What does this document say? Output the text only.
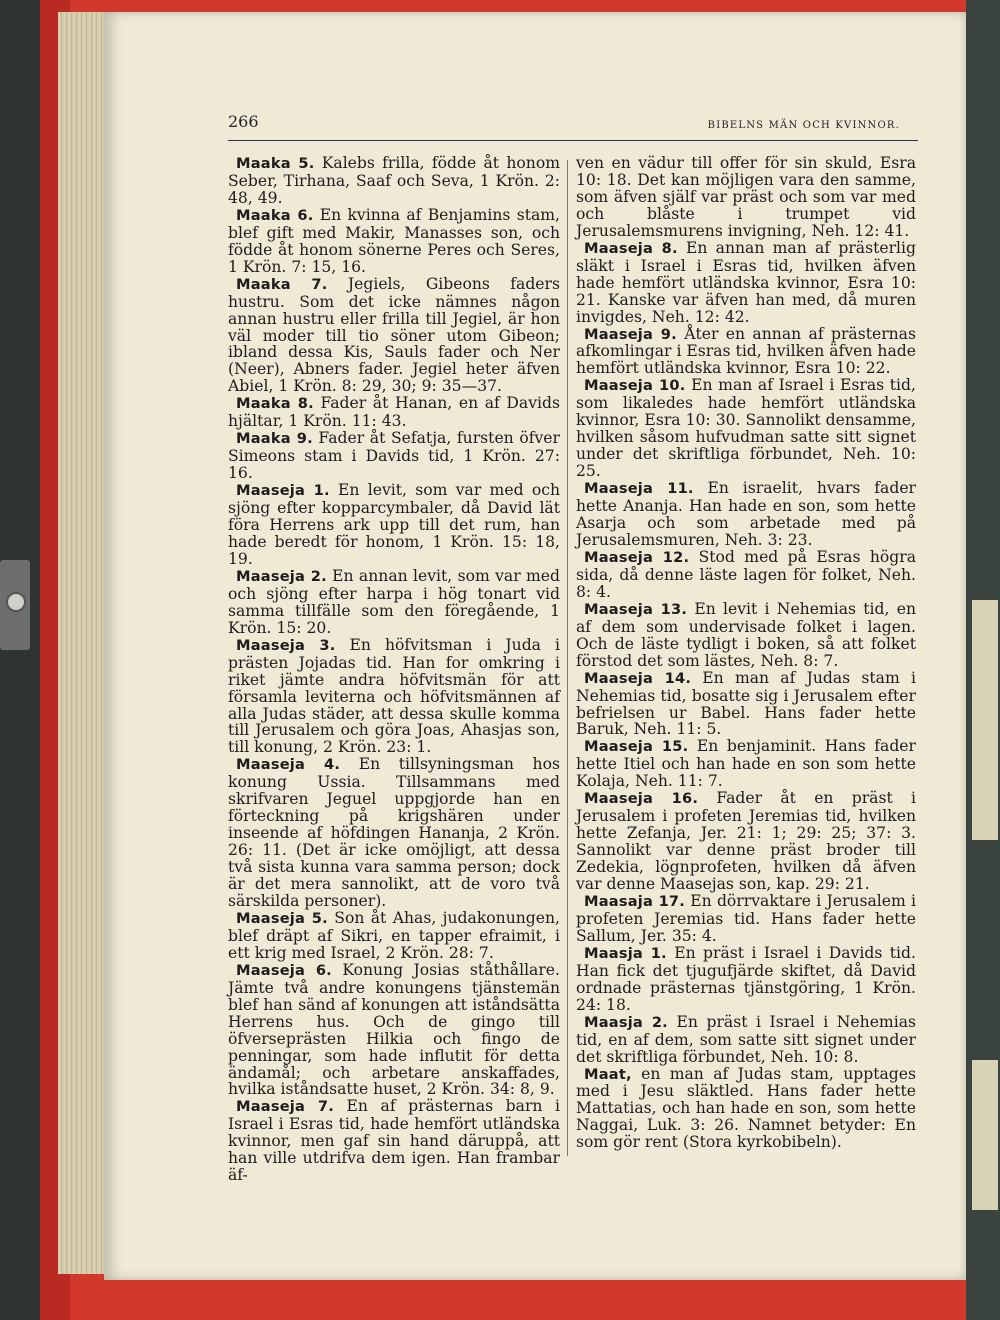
266	BIBELNS MÄN OCH KVINNOR.

Maaka 5. Kalebs frilla, födde åt honom Seber, Tirhana, Saaf och Seva, 1 Krön. 2: 48, 49.

Maaka 6. En kvinna af Benjamins stam, blef gift med Makir, Manasses son, och födde åt honom sönerne Peres och Seres, 1 Krön. 7: 15, 16.

Maaka 7. Jegiels, Gibeons faders hustru. Som det icke nämnes någon annan hustru eller frilla till Jegiel, är hon väl moder till tio söner utom Gibeon; ibland dessa Kis, Sauls fader och Ner (Neer), Abners fader. Jegiel heter äfven Abiel, 1 Krön. 8: 29, 30; 9: 35—37.

Maaka 8. Fader åt Hanan, en af Davids hjältar, 1 Krön. 11: 43.

Maaka 9. Fader åt Sefatja, fursten öfver Simeons stam i Davids tid, 1 Krön. 27: 16.

Maaseja 1. En levit, som var med och sjöng efter kopparcymbaler, då David lät föra Herrens ark upp till det rum, han hade beredt för honom, 1 Krön. 15: 18, 19.

Maaseja 2. En annan levit, som var med och sjöng efter harpa i hög tonart vid samma tillfälle som den föregående, 1 Krön. 15: 20.

Maaseja 3. En höfvitsman i Juda i prästen Jojadas tid. Han for omkring i riket jämte andra höfvitsmän för att församla leviterna och höfvitsmännen af alla Judas städer, att dessa skulle komma till Jerusalem och göra Joas, Ahasjas son, till konung, 2 Krön. 23: 1.

Maaseja 4. En tillsyningsman hos konung Ussia. Tillsammans med skrifvaren Jeguel uppgjorde han en förteckning på krigshären under inseende af höfdingen Hananja, 2 Krön. 26: 11. (Det är icke omöjligt, att dessa två sista kunna vara samma person; dock är det mera sannolikt, att de voro två särskilda personer).

Maaseja 5. Son åt Ahas, judakonungen, blef dräpt af Sikri, en tapper efraimit, i ett krig med Israel, 2 Krön. 28: 7.

Maaseja 6. Konung Josias ståthållare. Jämte två andre konungens tjänstemän blef han sänd af konungen att iståndsätta Herrens hus. Och de gingo till öfverseprästen Hilkia och fingo de penningar, som hade influtit för detta ändamål; och arbetare anskaffades, hvilka iståndsatte huset, 2 Krön. 34: 8, 9.

Maaseja 7. En af prästernas barn i Israel i Esras tid, hade hemfört utländska kvinnor, men gaf sin hand däruppå, att han ville utdrifva dem igen. Han frambar äf-

ven en vädur till offer för sin skuld, Esra 10: 18. Det kan möjligen vara den samme, som äfven själf var präst och som var med och blåste i trumpet vid Jerusalemsmurens invigning, Neh. 12: 41.

Maaseja 8. En annan man af prästerlig släkt i Israel i Esras tid, hvilken äfven hade hemfört utländska kvinnor, Esra 10: 21. Kanske var äfven han med, då muren invigdes, Neh. 12: 42.

Maaseja 9. Åter en annan af prästernas afkomlingar i Esras tid, hvilken äfven hade hemfört utländska kvinnor, Esra 10: 22.

Maaseja 10. En man af Israel i Esras tid, som likaledes hade hemfört utländska kvinnor, Esra 10: 30. Sannolikt densamme, hvilken såsom hufvudman satte sitt signet under det skriftliga förbundet, Neh. 10: 25.

Maaseja 11. En israelit, hvars fader hette Ananja. Han hade en son, som hette Asarja och som arbetade med på Jerusalemsmuren, Neh. 3: 23.

Maaseja 12. Stod med på Esras högra sida, då denne läste lagen för folket, Neh. 8: 4.

Maaseja 13. En levit i Nehemias tid, en af dem som undervisade folket i lagen. Och de läste tydligt i boken, så att folket förstod det som lästes, Neh. 8: 7.

Maaseja 14. En man af Judas stam i Nehemias tid, bosatte sig i Jerusalem efter befrielsen ur Babel. Hans fader hette Baruk, Neh. 11: 5.

Maaseja 15. En benjaminit. Hans fader hette Itiel och han hade en son som hette Kolaja, Neh. 11: 7.

Maaseja 16. Fader åt en präst i Jerusalem i profeten Jeremias tid, hvilken hette Zefanja, Jer. 21: 1; 29: 25; 37: 3. Sannolikt var denne präst broder till Zedekia, lögnprofeten, hvilken då äfven var denne Maasejas son, kap. 29: 21.

Maasaja 17. En dörrvaktare i Jerusalem i profeten Jeremias tid. Hans fader hette Sallum, Jer. 35: 4.

Maasja 1. En präst i Israel i Davids tid. Han fick det tjugufjärde skiftet, då David ordnade prästernas tjänstgöring, 1 Krön. 24: 18.

Maasja 2. En präst i Israel i Nehemias tid, en af dem, som satte sitt signet under det skriftliga förbundet, Neh. 10: 8.

Maat, en man af Judas stam, upptages med i Jesu släktled. Hans fader hette Mattatias, och han hade en son, som hette Naggai, Luk. 3: 26. Namnet betyder: En som gör rent (Stora kyrkobibeln).
